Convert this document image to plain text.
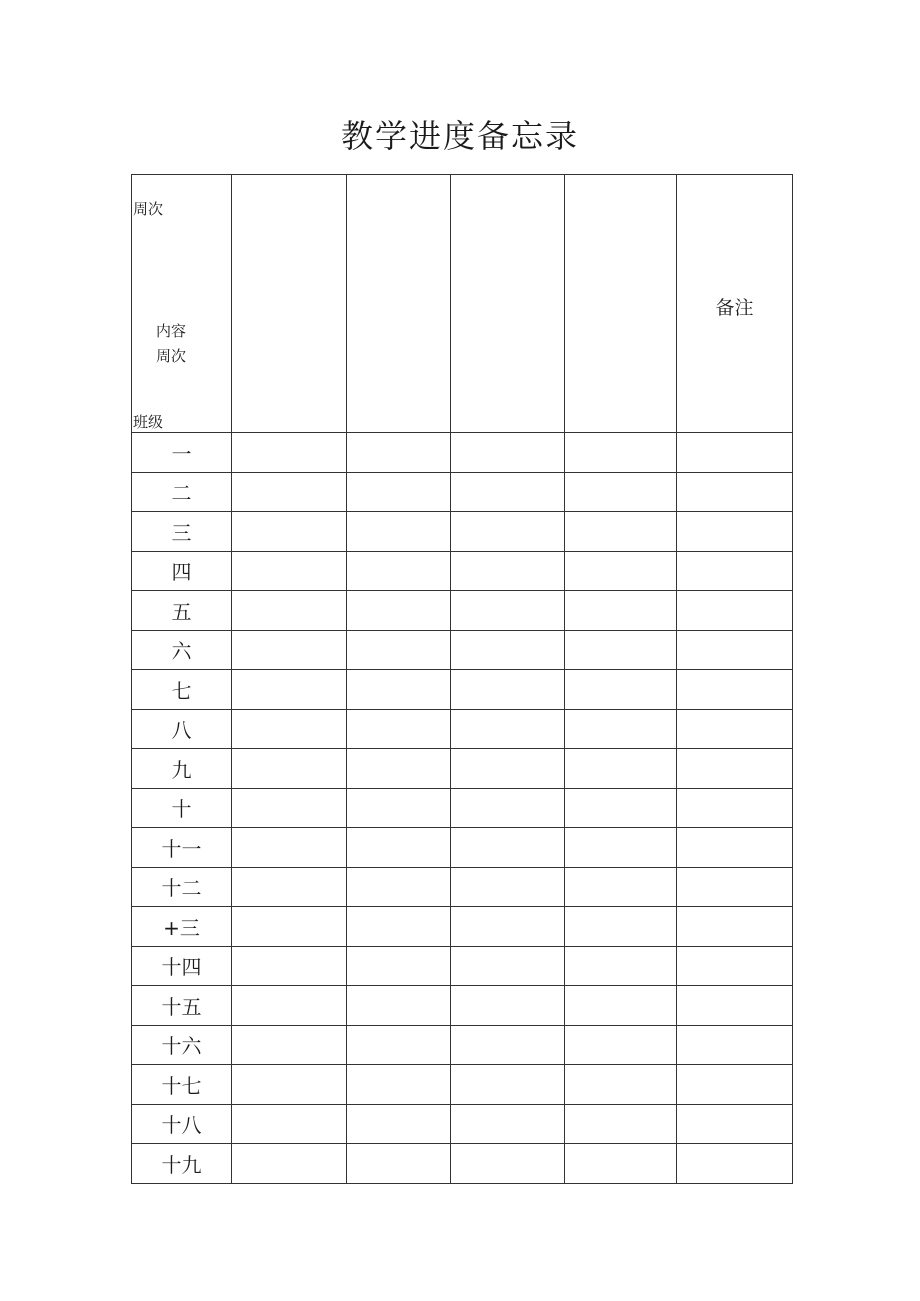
教学进度备忘录
周次
内容
周次
班级					备注

一					
二					
三					
四					
五					
六					
七					
八					
九					
十					
十一					
十二					
+三					
十四					
十五					
十六					
十七					
十八					
十九					
